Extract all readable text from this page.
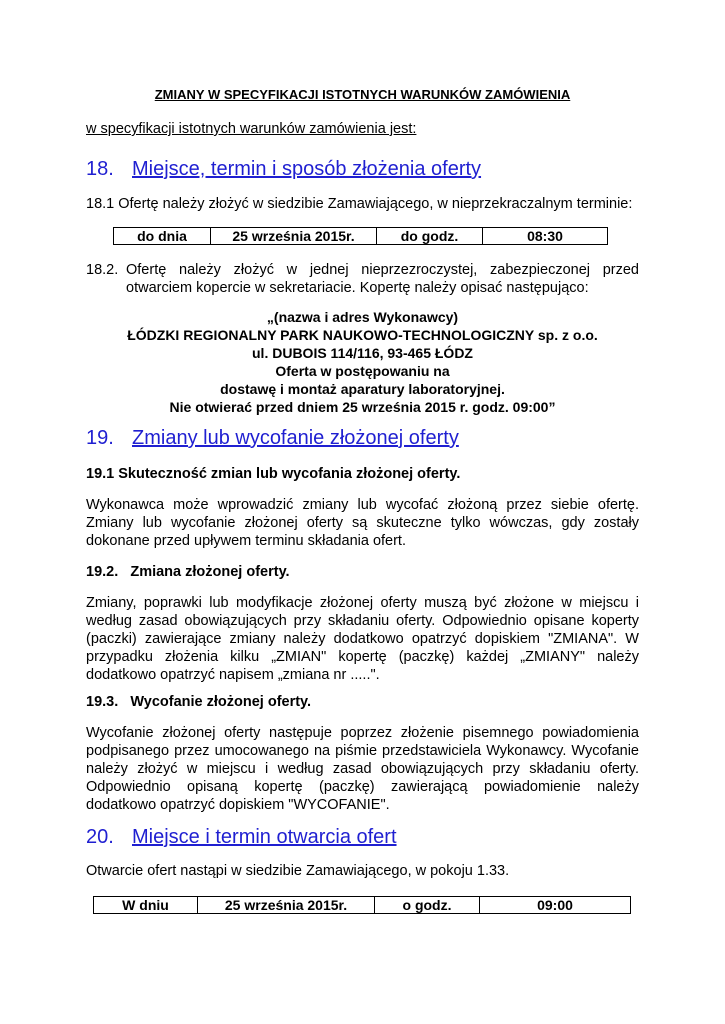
ZMIANY W SPECYFIKACJI ISTOTNYCH WARUNKÓW ZAMÓWIENIA
w specyfikacji istotnych warunków zamówienia jest:
18. Miejsce, termin i sposób złożenia oferty

18.1 Ofertę należy złożyć w siedzibie Zamawiającego, w nieprzekraczalnym terminie:

do dnia	25 września 2015r.	do godz.	08:30
18.2. Ofertę należy złożyć w jednej nieprzezroczystej, zabezpieczonej przed
otwarciem kopercie w sekretariacie. Kopertę należy opisać następująco:
„(nazwa i adres Wykonawcy)
ŁÓDZKI REGIONALNY PARK NAUKOWO-TECHNOLOGICZNY sp. z o.o.
ul. DUBOIS 114/116, 93-465 ŁÓDZ
Oferta w postępowaniu na
dostawę i montaż aparatury laboratoryjnej.
Nie otwierać przed dniem 25 września 2015 r. godz. 09:00”
19. Zmiany lub wycofanie złożonej oferty

19.1 Skuteczność zmian lub wycofania złożonej oferty.

Wykonawca może wprowadzić zmiany lub wycofać złożoną przez siebie ofertę.
Zmiany lub wycofanie złożonej oferty są skuteczne tylko wówczas, gdy zostały
dokonane przed upływem terminu składania ofert.

19.2.   Zmiana złożonej oferty.

Zmiany, poprawki lub modyfikacje złożonej oferty muszą być złożone w miejscu i
według zasad obowiązujących przy składaniu oferty. Odpowiednio opisane koperty
(paczki) zawierające zmiany należy dodatkowo opatrzyć dopiskiem "ZMIANA". W
przypadku złożenia kilku „ZMIAN" kopertę (paczkę) każdej „ZMIANY" należy
dodatkowo opatrzyć napisem „zmiana nr .....".

19.3.   Wycofanie złożonej oferty.

Wycofanie złożonej oferty następuje poprzez złożenie pisemnego powiadomienia
podpisanego przez umocowanego na piśmie przedstawiciela Wykonawcy. Wycofanie
należy złożyć w miejscu i według zasad obowiązujących przy składaniu oferty.
Odpowiednio opisaną kopertę (paczkę) zawierającą powiadomienie należy
dodatkowo opatrzyć dopiskiem "WYCOFANIE".
20. Miejsce i termin otwarcia ofert

Otwarcie ofert nastąpi w siedzibie Zamawiającego, w pokoju 1.33.

W dniu	25 września 2015r.	o godz.	09:00
